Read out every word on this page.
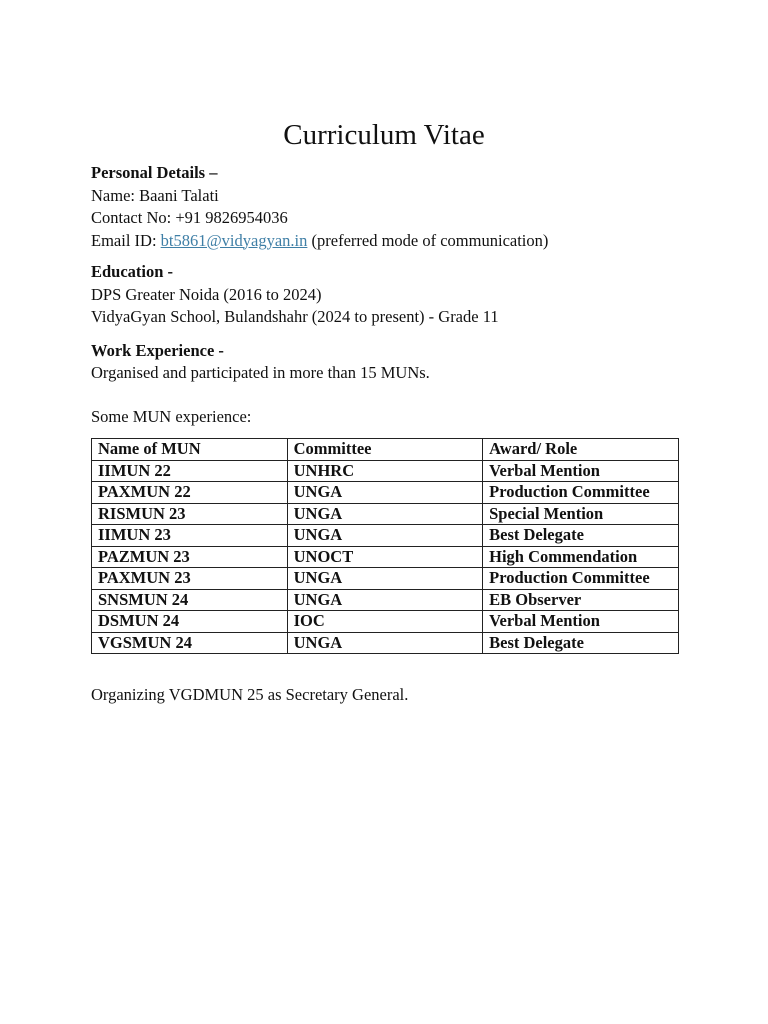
Curriculum Vitae
Personal Details –
Name: Baani Talati
Contact No: +91 9826954036
Email ID: bt5861@vidyagyan.in (preferred mode of communication)
Education -
DPS Greater Noida (2016 to 2024)
VidyaGyan School, Bulandshahr (2024 to present) - Grade 11
Work Experience -
Organised and participated in more than 15 MUNs.
Some MUN experience:
Name of MUN	Committee	Award/ Role
IIMUN 22	UNHRC	Verbal Mention
PAXMUN 22	UNGA	Production Committee
RISMUN 23	UNGA	Special Mention
IIMUN 23	UNGA	Best Delegate
PAZMUN 23	UNOCT	High Commendation
PAXMUN 23	UNGA	Production Committee
SNSMUN 24	UNGA	EB Observer
DSMUN 24	IOC	Verbal Mention
VGSMUN 24	UNGA	Best Delegate
Organizing VGDMUN 25 as Secretary General.
